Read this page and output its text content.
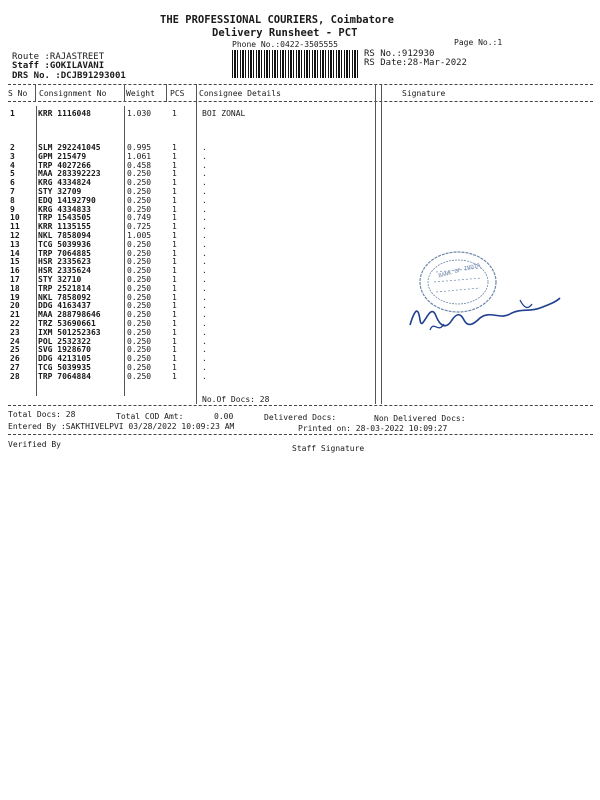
THE PROFESSIONAL COURIERS, Coimbatore
Delivery Runsheet - PCT
Phone No.:0422-3505555	Page No.:1
Route :RAJASTREET
Staff :GOKILAVANI
DRS No. :DCJB91293001
RS No.:912930
RS Date:28-Mar-2022
S No Consignment No Weight PCS Consignee Details	Signature
1	KRR 1116048	1.030	1	BOI ZONAL
2	SLM 292241045	0.995	1	.
3	GPM 215479	1.061	1	.
4	TRP 4027266	0.458	1	.
5	MAA 283392223	0.250	1	.
6	KRG 4334824	0.250	1	.
7	STY 32709	0.250	1	.
8	EDQ 14192790	0.250	1	.
9	KRG 4334833	0.250	1	.
10 TRP 1543505	0.749	1	.
11 KRR 1135155	0.725	1	.
12 NKL 7858094	1.005	1	.
13 TCG 5039936	0.250	1	.
14 TRP 7064885	0.250	1	.
15 HSR 2335623	0.250	1	.
16 HSR 2335624	0.250	1	.
17 STY 32710	0.250	1	.
18 TRP 2521814	0.250	1	.
19 NKL 7858092	0.250	1	.
20 DDG 4163437	0.250	1	.
21 MAA 288798646	0.250	1	.
22 TRZ 53690661	0.250	1	.
23 IXM 501252363	0.250	1	.
24 POL 2532322	0.250	1	.
25 SVG 1928670	0.250	1	.
26 DDG 4213105	0.250	1	.
27 TCG 5039935	0.250	1	.
28 TRP 7064884	0.250	1	.
No.Of Docs: 28
BANK OF INDIA
Total Docs: 28	Total COD Amt:	0.00	Delivered Docs:	Non Delivered Docs:
Entered By :SAKTHIVELPVI 03/28/2022 10:09:23 AM	Printed on: 28-03-2022 10:09:27
Verified By	Staff Signature
